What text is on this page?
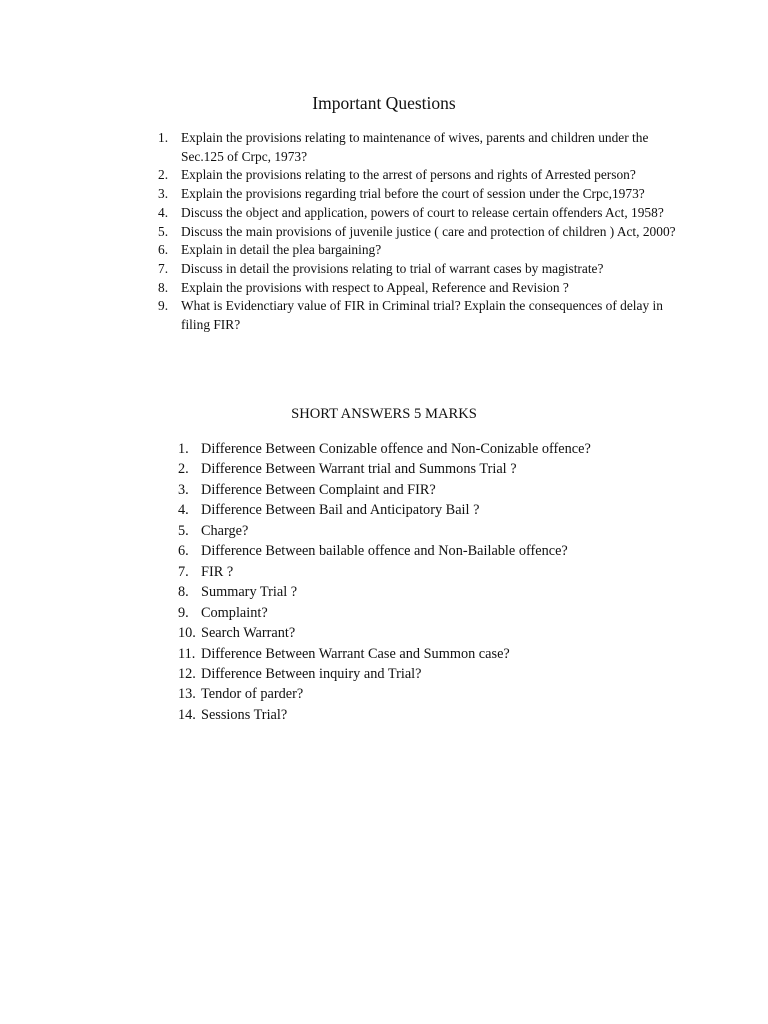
Important Questions
1. Explain the provisions relating to maintenance of wives, parents and children under the Sec.125 of Crpc, 1973?
2. Explain the provisions relating to the arrest of persons and rights of Arrested person?
3. Explain the provisions regarding trial before the court of session under the Crpc,1973?
4. Discuss the object and application, powers of court to release certain offenders Act, 1958?
5. Discuss the main provisions of juvenile justice ( care and protection of children ) Act, 2000?
6. Explain in detail the plea bargaining?
7. Discuss in detail the provisions relating to trial of warrant cases by magistrate?
8. Explain the provisions with respect to Appeal, Reference and Revision ?
9. What is Evidenctiary value of FIR in Criminal trial? Explain the consequences of delay in filing FIR?
SHORT ANSWERS 5 MARKS
1. Difference Between Conizable offence and Non-Conizable offence?
2. Difference Between Warrant trial and Summons Trial ?
3. Difference Between Complaint and FIR?
4. Difference Between Bail and Anticipatory Bail ?
5. Charge?
6. Difference Between bailable offence and Non-Bailable offence?
7. FIR ?
8. Summary Trial ?
9. Complaint?
10. Search Warrant?
11. Difference Between Warrant Case and Summon case?
12. Difference Between inquiry and Trial?
13. Tendor of parder?
14. Sessions Trial?
